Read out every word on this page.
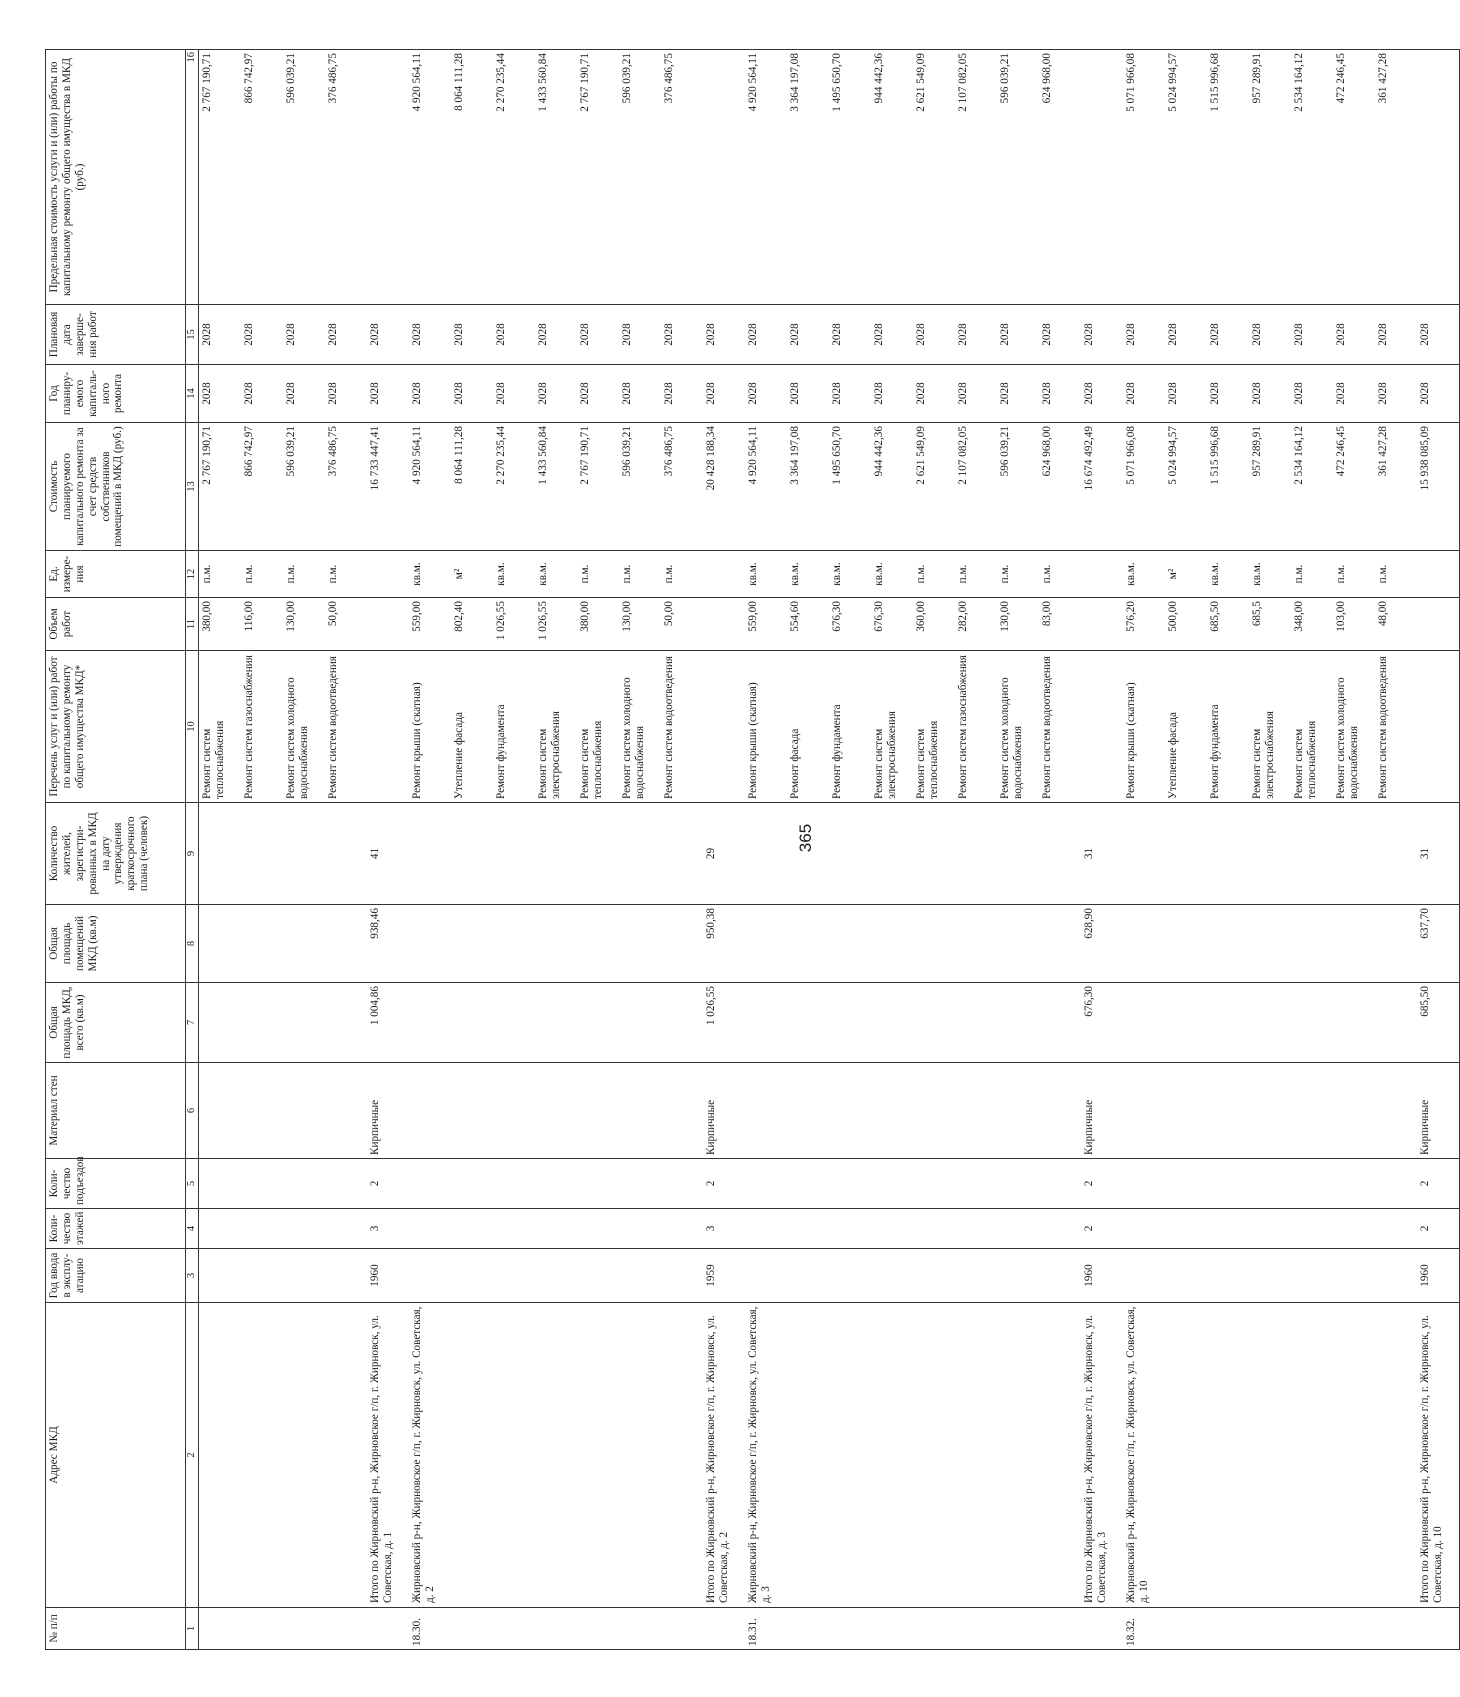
365
№ п/п	Адрес МКД	Год ввода в эксплу-атацию	Коли-чество этажей	Коли-чество подъездов	Материал стен	Общая площадь МКД, всего (кв.м)	Общая площадь помещений МКД (кв.м)	Количество жителей, зарегистри-рованных в МКД на дату утверждения краткосрочного плана (человек)	Перечень услуг и (или) работ по капитальному ремонту общего имущества МКД*	Объем работ	Ед. измере-ния	Стоимость планируемого капитального ремонта за счет средств собственников помещений в МКД (руб.)	Год планиру-емого капиталь-ного ремонта	Плановая дата заверше-ния работ	Предельная стоимость услуги и (или) работы по капитальному ремонту общего имущества в МКД (руб.)
1	2	3	4	5	6	7	8	9	10	11	12	13	14	15	16
									Ремонт систем теплоснабжения	380,00	п.м.	2 767 190,71	2028	2028	2 767 190,71
									Ремонт систем газоснабжения	116,00	п.м.	866 742,97	2028	2028	866 742,97
									Ремонт систем холодного водоснабжения	130,00	п.м.	596 039,21	2028	2028	596 039,21
									Ремонт систем водоотведения	50,00	п.м.	376 486,75	2028	2028	376 486,75
	Итого по Жирновский р-н, Жирновское г/п, г. Жирновск, ул. Советская, д. 1	1960	3	2	Кирпичные	1 004,86	938,46	41				16 733 447,41	2028	2028	
18.30.	Жирновский р-н, Жирновское г/п, г. Жирновск, ул. Советская, д. 2								Ремонт крыши (скатная)	559,00	кв.м.	4 920 564,11	2028	2028	4 920 564,11
									Утепление фасада	802,40	м²	8 064 111,28	2028	2028	8 064 111,28
									Ремонт фундамента	1 026,55	кв.м.	2 270 235,44	2028	2028	2 270 235,44
									Ремонт систем электроснабжения	1 026,55	кв.м.	1 433 560,84	2028	2028	1 433 560,84
									Ремонт систем теплоснабжения	380,00	п.м.	2 767 190,71	2028	2028	2 767 190,71
									Ремонт систем холодного водоснабжения	130,00	п.м.	596 039,21	2028	2028	596 039,21
									Ремонт систем водоотведения	50,00	п.м.	376 486,75	2028	2028	376 486,75
	Итого по Жирновский р-н, Жирновское г/п, г. Жирновск, ул. Советская, д. 2	1959	3	2	Кирпичные	1 026,55	950,38	29				20 428 188,34	2028	2028	
18.31.	Жирновский р-н, Жирновское г/п, г. Жирновск, ул. Советская, д. 3								Ремонт крыши (скатная)	559,00	кв.м.	4 920 564,11	2028	2028	4 920 564,11
									Ремонт фасада	554,60	кв.м.	3 364 197,08	2028	2028	3 364 197,08
									Ремонт фундамента	676,30	кв.м.	1 495 650,70	2028	2028	1 495 650,70
									Ремонт систем электроснабжения	676,30	кв.м.	944 442,36	2028	2028	944 442,36
									Ремонт систем теплоснабжения	360,00	п.м.	2 621 549,09	2028	2028	2 621 549,09
									Ремонт систем газоснабжения	282,00	п.м.	2 107 082,05	2028	2028	2 107 082,05
									Ремонт систем холодного водоснабжения	130,00	п.м.	596 039,21	2028	2028	596 039,21
									Ремонт систем водоотведения	83,00	п.м.	624 968,00	2028	2028	624 968,00
	Итого по Жирновский р-н, Жирновское г/п, г. Жирновск, ул. Советская, д. 3	1960	2	2	Кирпичные	676,30	628,90	31				16 674 492,49	2028	2028	
18.32.	Жирновский р-н, Жирновское г/п, г. Жирновск, ул. Советская, д. 10								Ремонт крыши (скатная)	576,20	кв.м.	5 071 966,08	2028	2028	5 071 966,08
									Утепление фасада	500,00	м²	5 024 994,57	2028	2028	5 024 994,57
									Ремонт фундамента	685,50	кв.м.	1 515 996,68	2028	2028	1 515 996,68
									Ремонт систем электроснабжения	685,5	кв.м.	957 289,91	2028	2028	957 289,91
									Ремонт систем теплоснабжения	348,00	п.м.	2 534 164,12	2028	2028	2 534 164,12
									Ремонт систем холодного водоснабжения	103,00	п.м.	472 246,45	2028	2028	472 246,45
									Ремонт систем водоотведения	48,00	п.м.	361 427,28	2028	2028	361 427,28
	Итого по Жирновский р-н, Жирновское г/п, г. Жирновск, ул. Советская, д. 10	1960	2	2	Кирпичные	685,50	637,70	31				15 938 085,09	2028	2028	
